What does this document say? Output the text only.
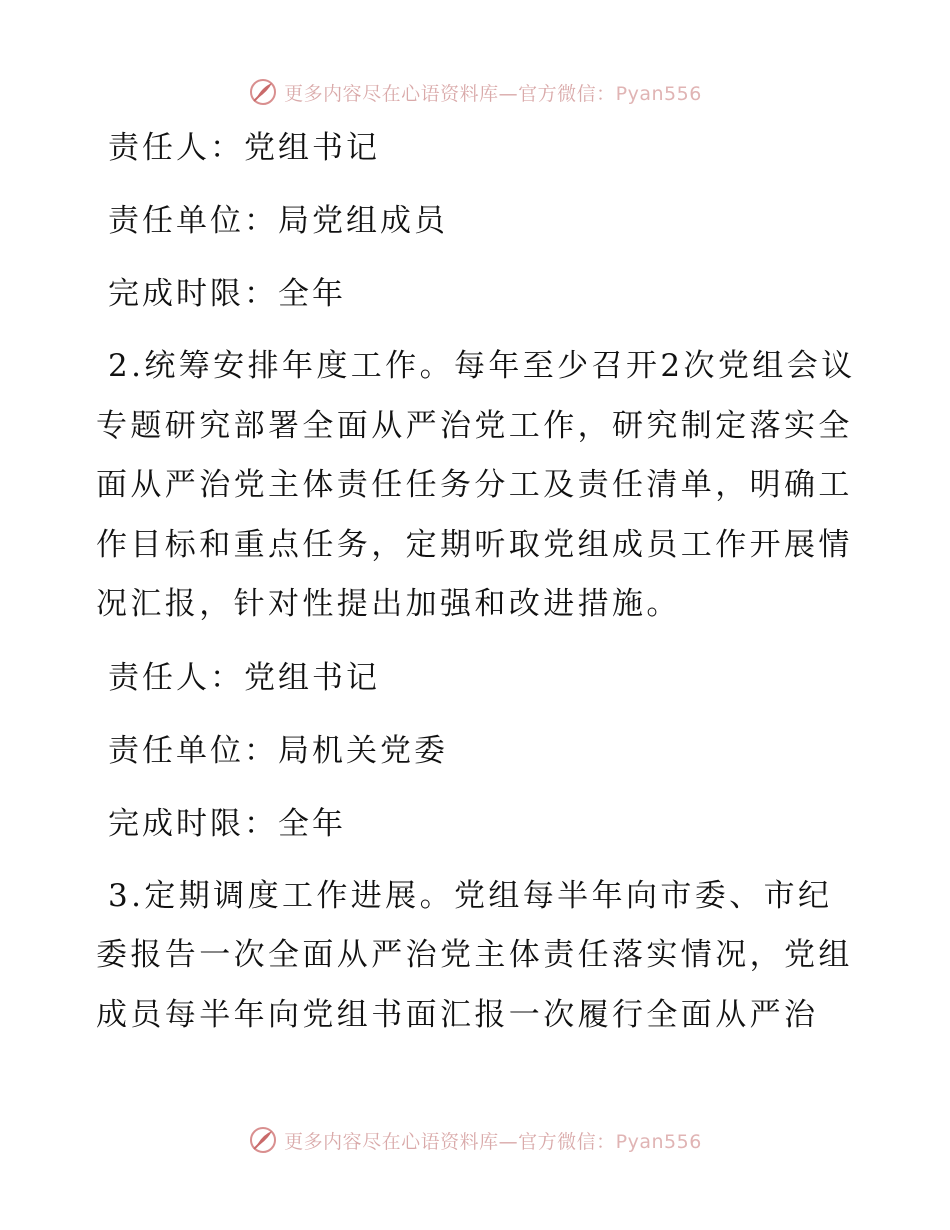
更多内容尽在心语资料库—官方微信：Pyan556
责任人：党组书记
责任单位：局党组成员
完成时限：全年
2.统筹安排年度工作。每年至少召开2次党组会议专题研究部署全面从严治党工作，研究制定落实全面从严治党主体责任任务分工及责任清单，明确工作目标和重点任务，定期听取党组成员工作开展情况汇报，针对性提出加强和改进措施。
责任人：党组书记
责任单位：局机关党委
完成时限：全年
3.定期调度工作进展。党组每半年向市委、市纪委报告一次全面从严治党主体责任落实情况，党组成员每半年向党组书面汇报一次履行全面从严治
更多内容尽在心语资料库—官方微信：Pyan556
